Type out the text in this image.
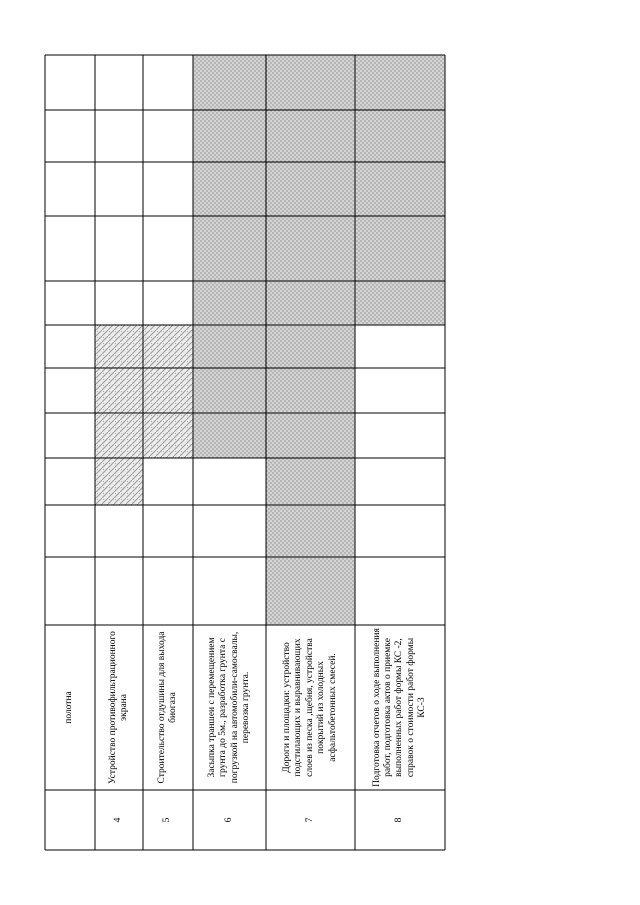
полотна
4
Устройство противофильтрационного экрана
5
Строительство отдушины для выхода биогаза
6
Засыпка траншеи с перемещением грунта до 5м., разработка грунта с погрузкой на автомобили-самосвалы, перевозка грунта.
7
Дороги и площадки: устройство подстилающих и выравнивающих слоев из песка ,щебня, устройства покрытий из холодных асфальтобетонных смесей.
8
Подготовка отчетов о ходе выполнения работ, подготовка актов о приемке выполненных работ формы КС -2, справок о стоимости работ формы КС-3
